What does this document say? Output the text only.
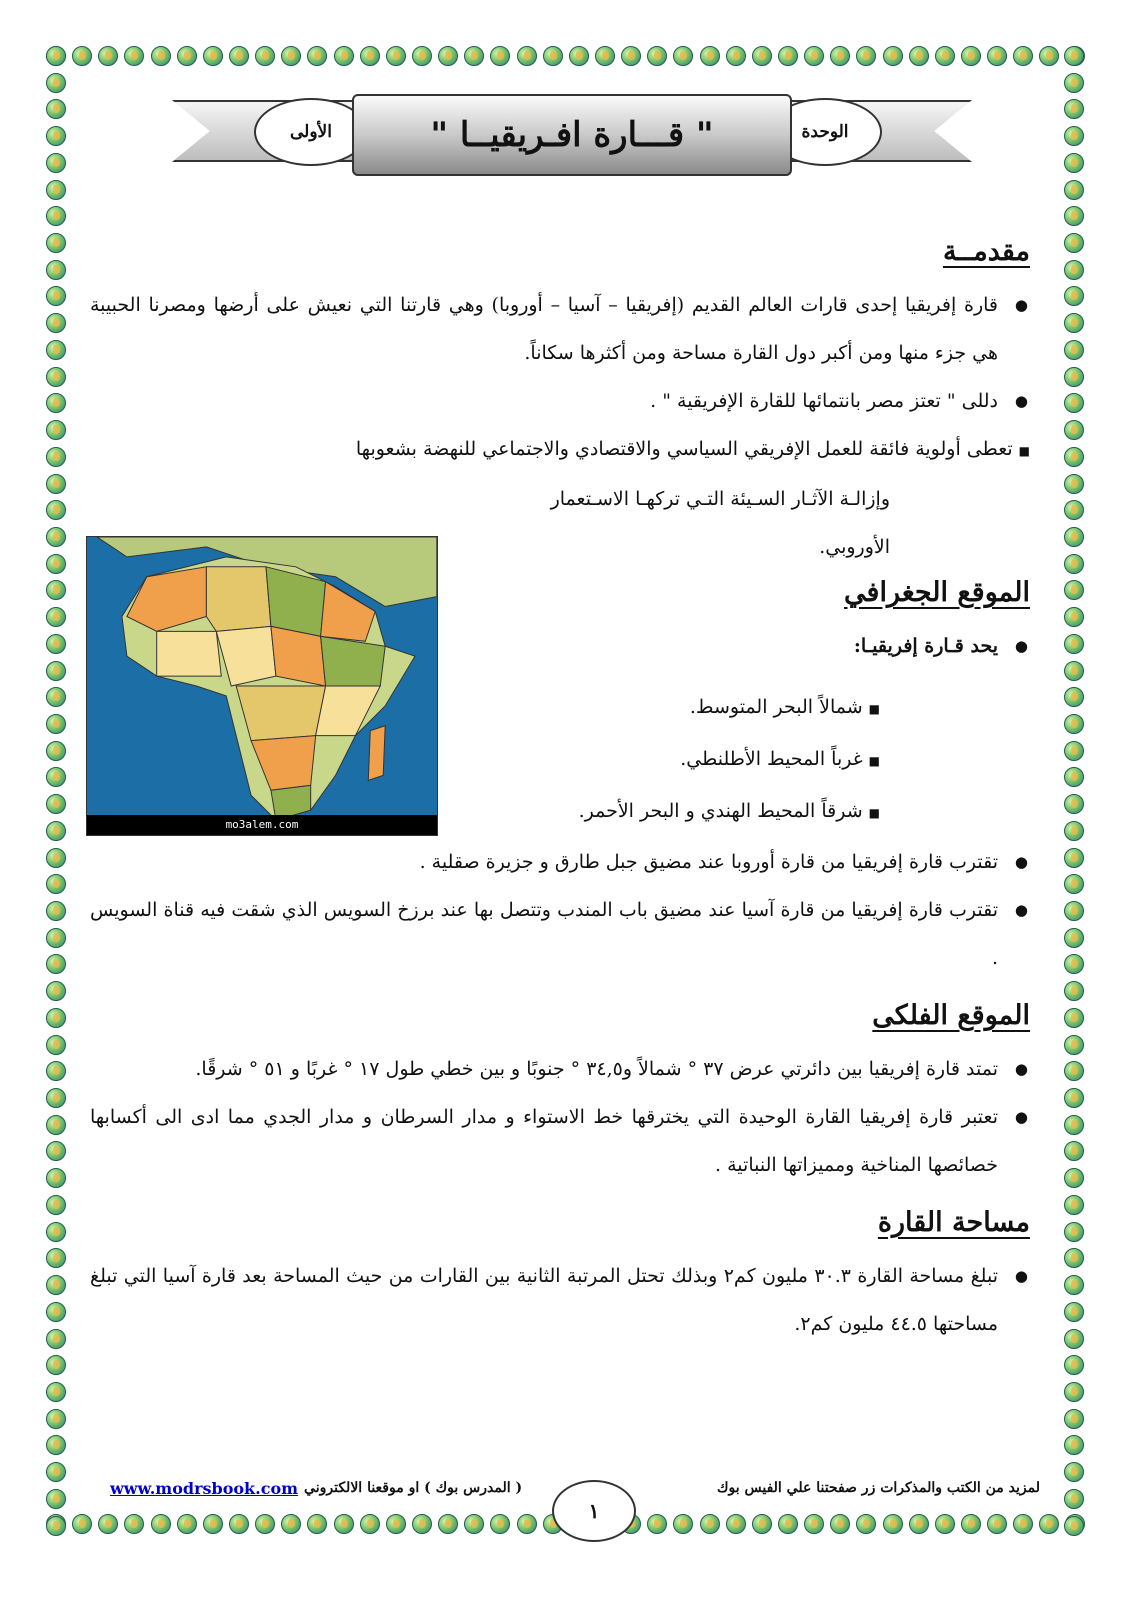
الأولى	الوحدة
" قـــارة افـريقيــا "
mo3alem.com
مقدمــة

● قارة إفريقيا إحدى قارات العالم القديم (إفريقيا – آسيا – أوروبا) وهي قارتنا التي نعيش على أرضها ومصرنا الحبيبة هي جزء منها ومن أكبر دول القارة مساحة ومن أكثرها سكاناً.

● دللى " تعتز مصر بانتمائها للقارة الإفريقية " .

■ تعطى أولوية فائقة للعمل الإفريقي السياسي والاقتصادي والاجتماعي للنهضة بشعوبها

وإزالـة الآثـار السـيئة التـي تركهـا الاسـتعمار

الأوروبي.

الموقع الجغرافي

● يحد قـارة إفريقيـا:

■ شمالاً البحر المتوسط.
■ غرباً المحيط الأطلنطي.
■ شرقاً المحيط الهندي و البحر الأحمر.

● تقترب قارة إفريقيا من قارة أوروبا عند مضيق جبل طارق و جزيرة صقلية .

● تقترب قارة إفريقيا من قارة آسيا عند مضيق باب المندب وتتصل بها عند برزخ السويس الذي شقت فيه قناة السويس .

الموقع الفلكى

● تمتد قارة إفريقيا بين دائرتي عرض ٣٧ ° شمالاً و٣٤,٥ ° جنوبًا و بين خطي طول ١٧ ° غربًا و ٥١ ° شرقًا.

● تعتبر قارة إفريقيا القارة الوحيدة التي يخترقها خط الاستواء و مدار السرطان و مدار الجدي مما ادى الى أكسابها خصائصها المناخية ومميزاتها النباتية .

مساحة القارة

● تبلغ مساحة القارة ٣٠.٣ مليون كم٢ وبذلك تحتل المرتبة الثانية بين القارات من حيث المساحة بعد قارة آسيا التي تبلغ مساحتها ٤٤.٥ مليون كم٢.

لمزيد من الكتب والمذكرات زر صفحتنا علي الفيس بوك
www.modrsbook.com ( المدرس بوك ) او موقعنا الالكتروني
١
